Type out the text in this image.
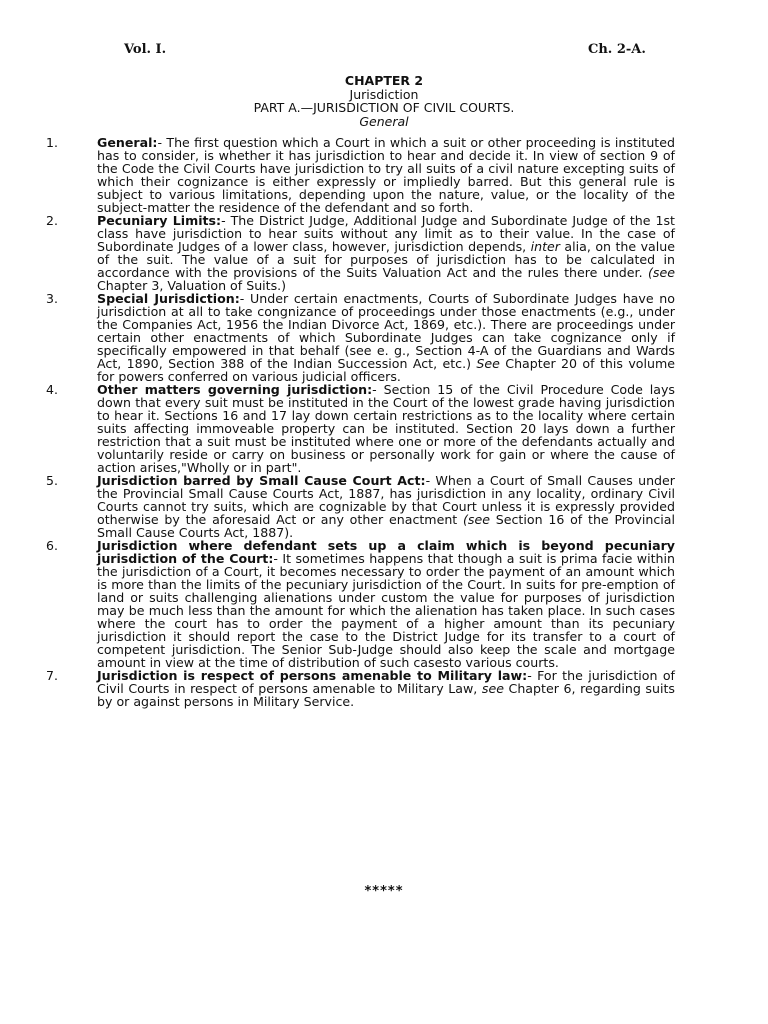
Vol. I.	Ch. 2-A.
CHAPTER 2
Jurisdiction
PART A.—JURISDICTION OF CIVIL COURTS.
General
1.	General:- The first question which a Court in which a suit or other proceeding is instituted has to consider, is whether it has jurisdiction to hear and decide it. In view of section 9 of the Code the Civil Courts have jurisdiction to try all suits of a civil nature excepting suits of which their cognizance is either expressly or impliedly barred. But this general rule is subject to various limitations, depending upon the nature, value, or the locality of the subject-matter the residence of the defendant and so forth.
2.	Pecuniary Limits:- The District Judge, Additional Judge and Subordinate Judge of the 1st class have jurisdiction to hear suits without any limit as to their value. In the case of Subordinate Judges of a lower class, however, jurisdiction depends, inter alia, on the value of the suit. The value of a suit for purposes of jurisdiction has to be calculated in accordance with the provisions of the Suits Valuation Act and the rules there under. (see Chapter 3, Valuation of Suits.)
3.	Special Jurisdiction:- Under certain enactments, Courts of Subordinate Judges have no jurisdiction at all to take congnizance of proceedings under those enactments (e.g., under the Companies Act, 1956 the Indian Divorce Act, 1869, etc.). There are proceedings under certain other enactments of which Subordinate Judges can take cognizance only if specifically empowered in that behalf (see e. g., Section 4-A of the Guardians and Wards Act, 1890, Section 388 of the Indian Succession Act, etc.) See Chapter 20 of this volume for powers conferred on various judicial officers.
4.	Other matters governing jurisdiction:- Section 15 of the Civil Procedure Code lays down that every suit must be instituted in the Court of the lowest grade having jurisdiction to hear it. Sections 16 and 17 lay down certain restrictions as to the locality where certain suits affecting immoveable property can be instituted. Section 20 lays down a further restriction that a suit must be instituted where one or more of the defendants actually and voluntarily reside or carry on business or personally work for gain or where the cause of action arises,"Wholly or in part".
5.	Jurisdiction barred by Small Cause Court Act:- When a Court of Small Causes under the Provincial Small Cause Courts Act, 1887, has jurisdiction in any locality, ordinary Civil Courts cannot try suits, which are cognizable by that Court unless it is expressly provided otherwise by the aforesaid Act or any other enactment (see Section 16 of the Provincial Small Cause Courts Act, 1887).
6.	Jurisdiction where defendant sets up a claim which is beyond pecuniary jurisdiction of the Court:- It sometimes happens that though a suit is prima facie within the jurisdiction of a Court, it becomes necessary to order the payment of an amount which is more than the limits of the pecuniary jurisdiction of the Court. In suits for pre-emption of land or suits challenging alienations under custom the value for purposes of jurisdiction may be much less than the amount for which the alienation has taken place. In such cases where the court has to order the payment of a higher amount than its pecuniary jurisdiction it should report the case to the District Judge for its transfer to a court of competent jurisdiction. The Senior Sub-Judge should also keep the scale and mortgage amount in view at the time of distribution of such casesto various courts.
7.	Jurisdiction is respect of persons amenable to Military law:- For the jurisdiction of Civil Courts in respect of persons amenable to Military Law, see Chapter 6, regarding suits by or against persons in Military Service.
*****
